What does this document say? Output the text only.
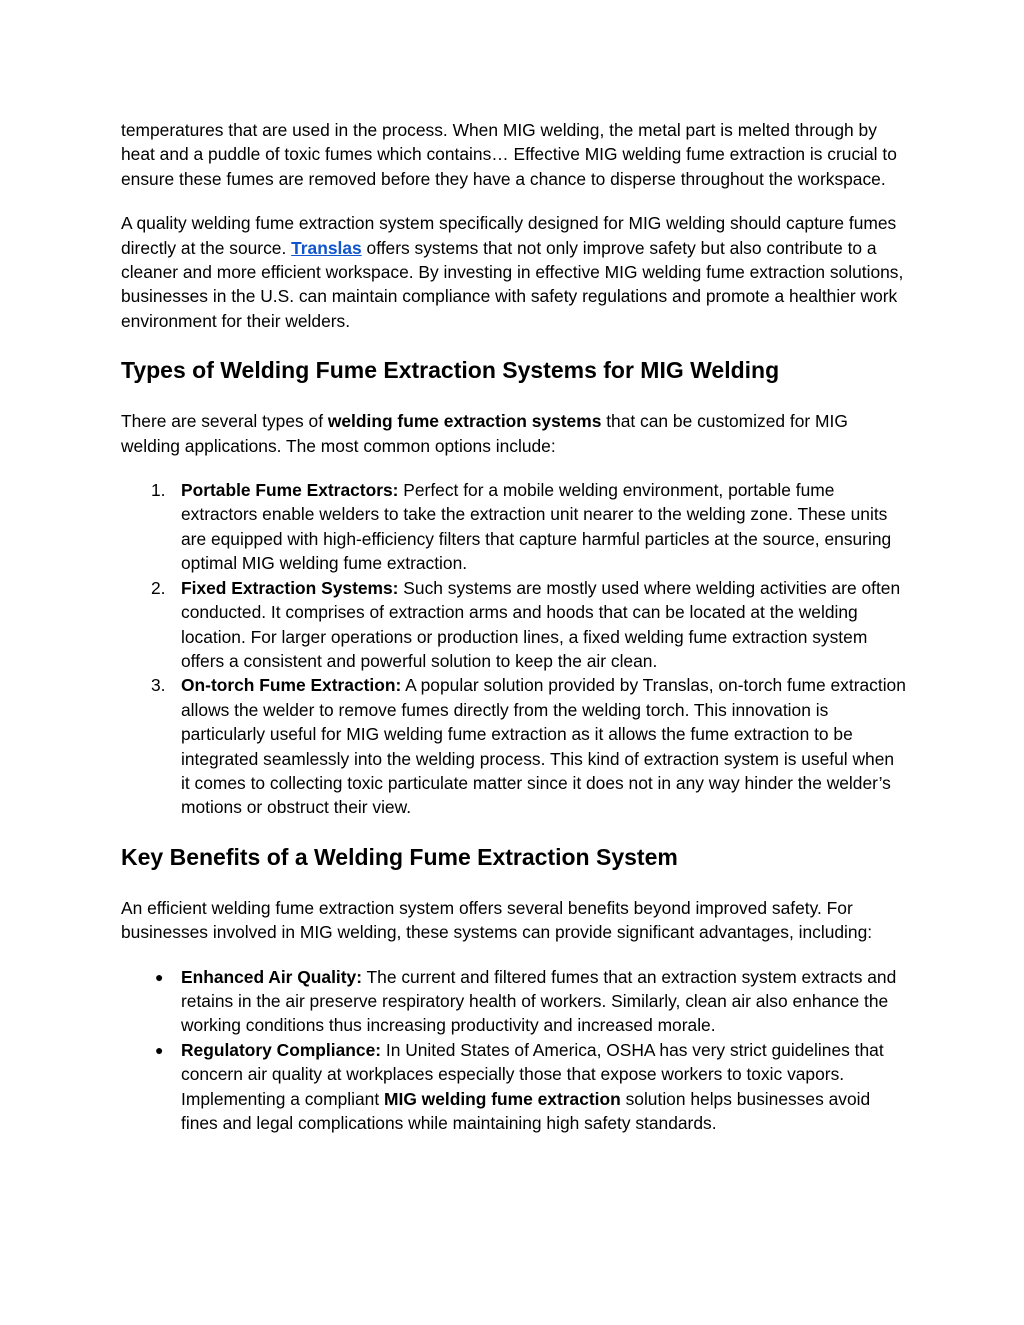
temperatures that are used in the process. When MIG welding, the metal part is melted through by heat and a puddle of toxic fumes which contains… Effective MIG welding fume extraction is crucial to ensure these fumes are removed before they have a chance to disperse throughout the workspace.

A quality welding fume extraction system specifically designed for MIG welding should capture fumes directly at the source. Translas offers systems that not only improve safety but also contribute to a cleaner and more efficient workspace. By investing in effective MIG welding fume extraction solutions, businesses in the U.S. can maintain compliance with safety regulations and promote a healthier work environment for their welders.

Types of Welding Fume Extraction Systems for MIG Welding

There are several types of welding fume extraction systems that can be customized for MIG welding applications. The most common options include:

1. Portable Fume Extractors: Perfect for a mobile welding environment, portable fume extractors enable welders to take the extraction unit nearer to the welding zone. These units are equipped with high-efficiency filters that capture harmful particles at the source, ensuring optimal MIG welding fume extraction.
2. Fixed Extraction Systems: Such systems are mostly used where welding activities are often conducted. It comprises of extraction arms and hoods that can be located at the welding location. For larger operations or production lines, a fixed welding fume extraction system offers a consistent and powerful solution to keep the air clean.
3. On-torch Fume Extraction: A popular solution provided by Translas, on-torch fume extraction allows the welder to remove fumes directly from the welding torch. This innovation is particularly useful for MIG welding fume extraction as it allows the fume extraction to be integrated seamlessly into the welding process. This kind of extraction system is useful when it comes to collecting toxic particulate matter since it does not in any way hinder the welder’s motions or obstruct their view.
Key Benefits of a Welding Fume Extraction System

An efficient welding fume extraction system offers several benefits beyond improved safety. For businesses involved in MIG welding, these systems can provide significant advantages, including:

● Enhanced Air Quality: The current and filtered fumes that an extraction system extracts and retains in the air preserve respiratory health of workers. Similarly, clean air also enhance the working conditions thus increasing productivity and increased morale.
● Regulatory Compliance: In United States of America, OSHA has very strict guidelines that concern air quality at workplaces especially those that expose workers to toxic vapors. Implementing a compliant MIG welding fume extraction solution helps businesses avoid fines and legal complications while maintaining high safety standards.
